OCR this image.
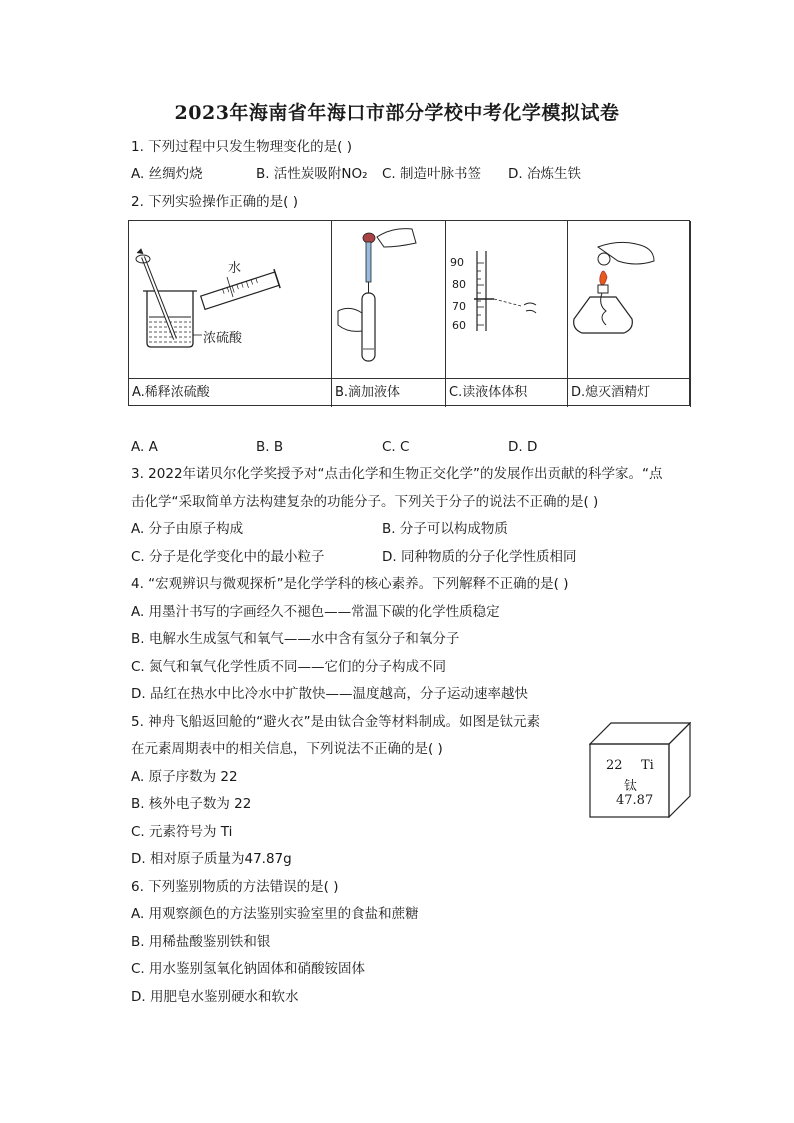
2023年海南省年海口市部分学校中考化学模拟试卷
1. 下列过程中只发生物理变化的是( )
A. 丝绸灼烧	B. 活性炭吸附NO₂ C. 制造叶脉书签 D. 冶炼生铁
2. 下列实验操作正确的是( )
水
浓硫酸
90
80
70
60
A.稀释浓硫酸	B.滴加液体	C.读液体体积	D.熄灭酒精灯
A. A	B. B	C. C	D. D
3. 2022年诺贝尔化学奖授予对“点击化学和生物正交化学”的发展作出贡献的科学家。“点
击化学“采取简单方法构建复杂的功能分子。下列关于分子的说法不正确的是( )
A. 分子由原子构成	B. 分子可以构成物质
C. 分子是化学变化中的最小粒子	D. 同种物质的分子化学性质相同
4. “宏观辨识与微观探析”是化学学科的核心素养。下列解释不正确的是( )
A. 用墨汁书写的字画经久不褪色——常温下碳的化学性质稳定
B. 电解水生成氢气和氧气——水中含有氢分子和氧分子
C. 氮气和氧气化学性质不同——它们的分子构成不同
D. 品红在热水中比冷水中扩散快——温度越高，分子运动速率越快
5. 神舟飞船返回舱的“避火衣”是由钛合金等材料制成。如图是钛元素
在元素周期表中的相关信息，下列说法不正确的是( )
A. 原子序数为 22
B. 核外电子数为 22
C. 元素符号为 Ti
D. 相对原子质量为47.87g
22 Ti
钛
47.87
6. 下列鉴别物质的方法错误的是( )
A. 用观察颜色的方法鉴别实验室里的食盐和蔗糖
B. 用稀盐酸鉴别铁和银
C. 用水鉴别氢氧化钠固体和硝酸铵固体
D. 用肥皂水鉴别硬水和软水
